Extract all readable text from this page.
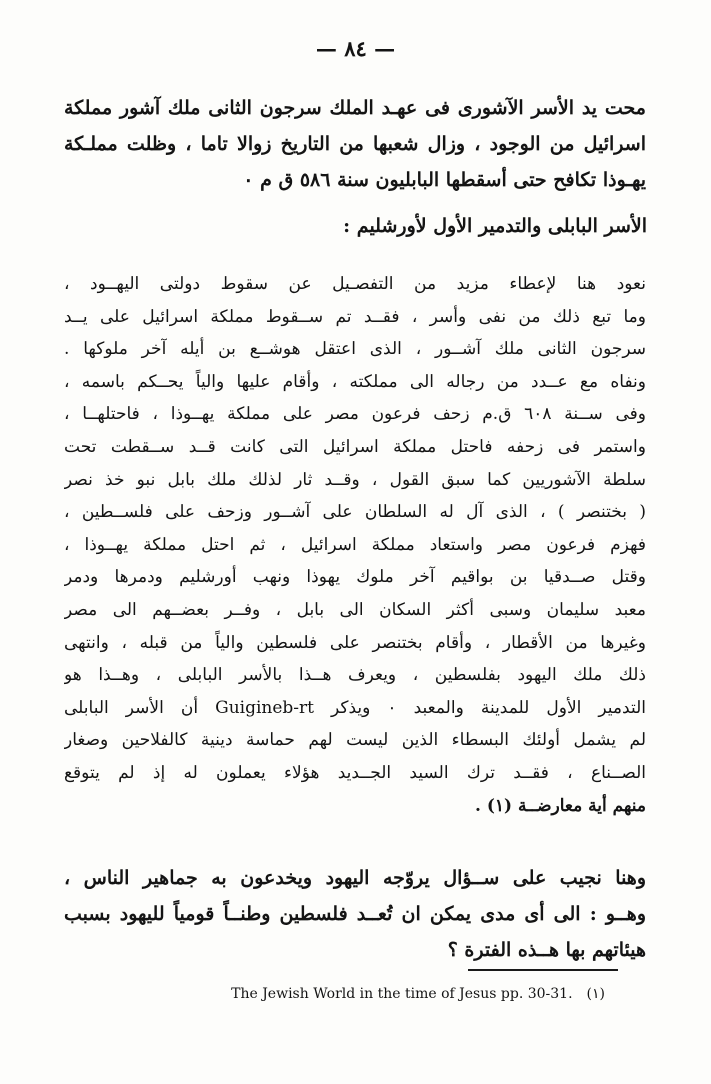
— ٨٤ —
محت يد الأسر الآشورى فى عهـد الملك سرجون الثانى ملك آشور مملكة
اسرائيل من الوجود ، وزال شعبها من التاريخ زوالا تاما ، وظلت مملـكة
يهـوذا تكافح حتى أسقطها البابليون سنة ٥٨٦ ق م ٠
الأسر البابلى والتدمير الأول لأورشليم :
نعود هنا لإعطاء مزيد من التفصـيل عن سقوط دولتى اليهــود ،
وما تبع ذلك من نفى وأسر ، فقــد تم ســقوط مملكة اسرائيل على يــد
سرجون الثانى ملك آشــور ، الذى اعتقل هوشــع بن أيله آخر ملوكها .
ونفاه مع عــدد من رجاله الى مملكته ، وأقام عليها والياً يحــكم باسمه ،
وفى ســنة ٦٠٨ ق.م زحف فرعون مصر على مملكة يهــوذا ، فاحتلهــا ،
واستمر فى زحفه فاحتل مملكة اسرائيل التى كانت قــد ســقطت تحت
سلطة الآشوريين كما سبق القول ، وقــد ثار لذلك ملك بابل نبو خذ نصر
( بختنصر ) ، الذى آل له السلطان على آشــور وزحف على فلســطين ،
فهزم فرعون مصر واستعاد مملكة اسرائيل ، ثم احتل مملكة يهــوذا ،
وقتل صــدقيا بن بواقيم آخر ملوك يهوذا ونهب أورشليم ودمرها ودمر
معبد سليمان وسبى أكثر السكان الى بابل ، وفــر بعضــهم الى مصر
وغيرها من الأقطار ، وأقام بختنصر على فلسطين والياً من قبله ، وانتهى
ذلك ملك اليهود بفلسطين ، ويعرف هــذا بالأسر البابلى ، وهــذا هو
التدمير الأول للمدينة والمعبد ٠ ويذكر Guigineb-rt أن الأسر البابلى
لم يشمل أولئك البسطاء الذين ليست لهم حماسة دينية كالفلاحين وصغار
الصــناع ، فقــد ترك السيد الجــديد هؤلاء يعملون له إذ لم يتوقع
منهم أية معارضــة (١) .
وهنا نجيب على ســؤال يروّجه اليهود ويخدعون به جماهير الناس ،
وهــو : الى أى مدى يمكن ان تُعــد فلسطين وطنــاً قومياً لليهود بسبب
هيئاتهم بها هــذه الفترة ؟
The Jewish World in the time of Jesus pp. 30-31. (١)
